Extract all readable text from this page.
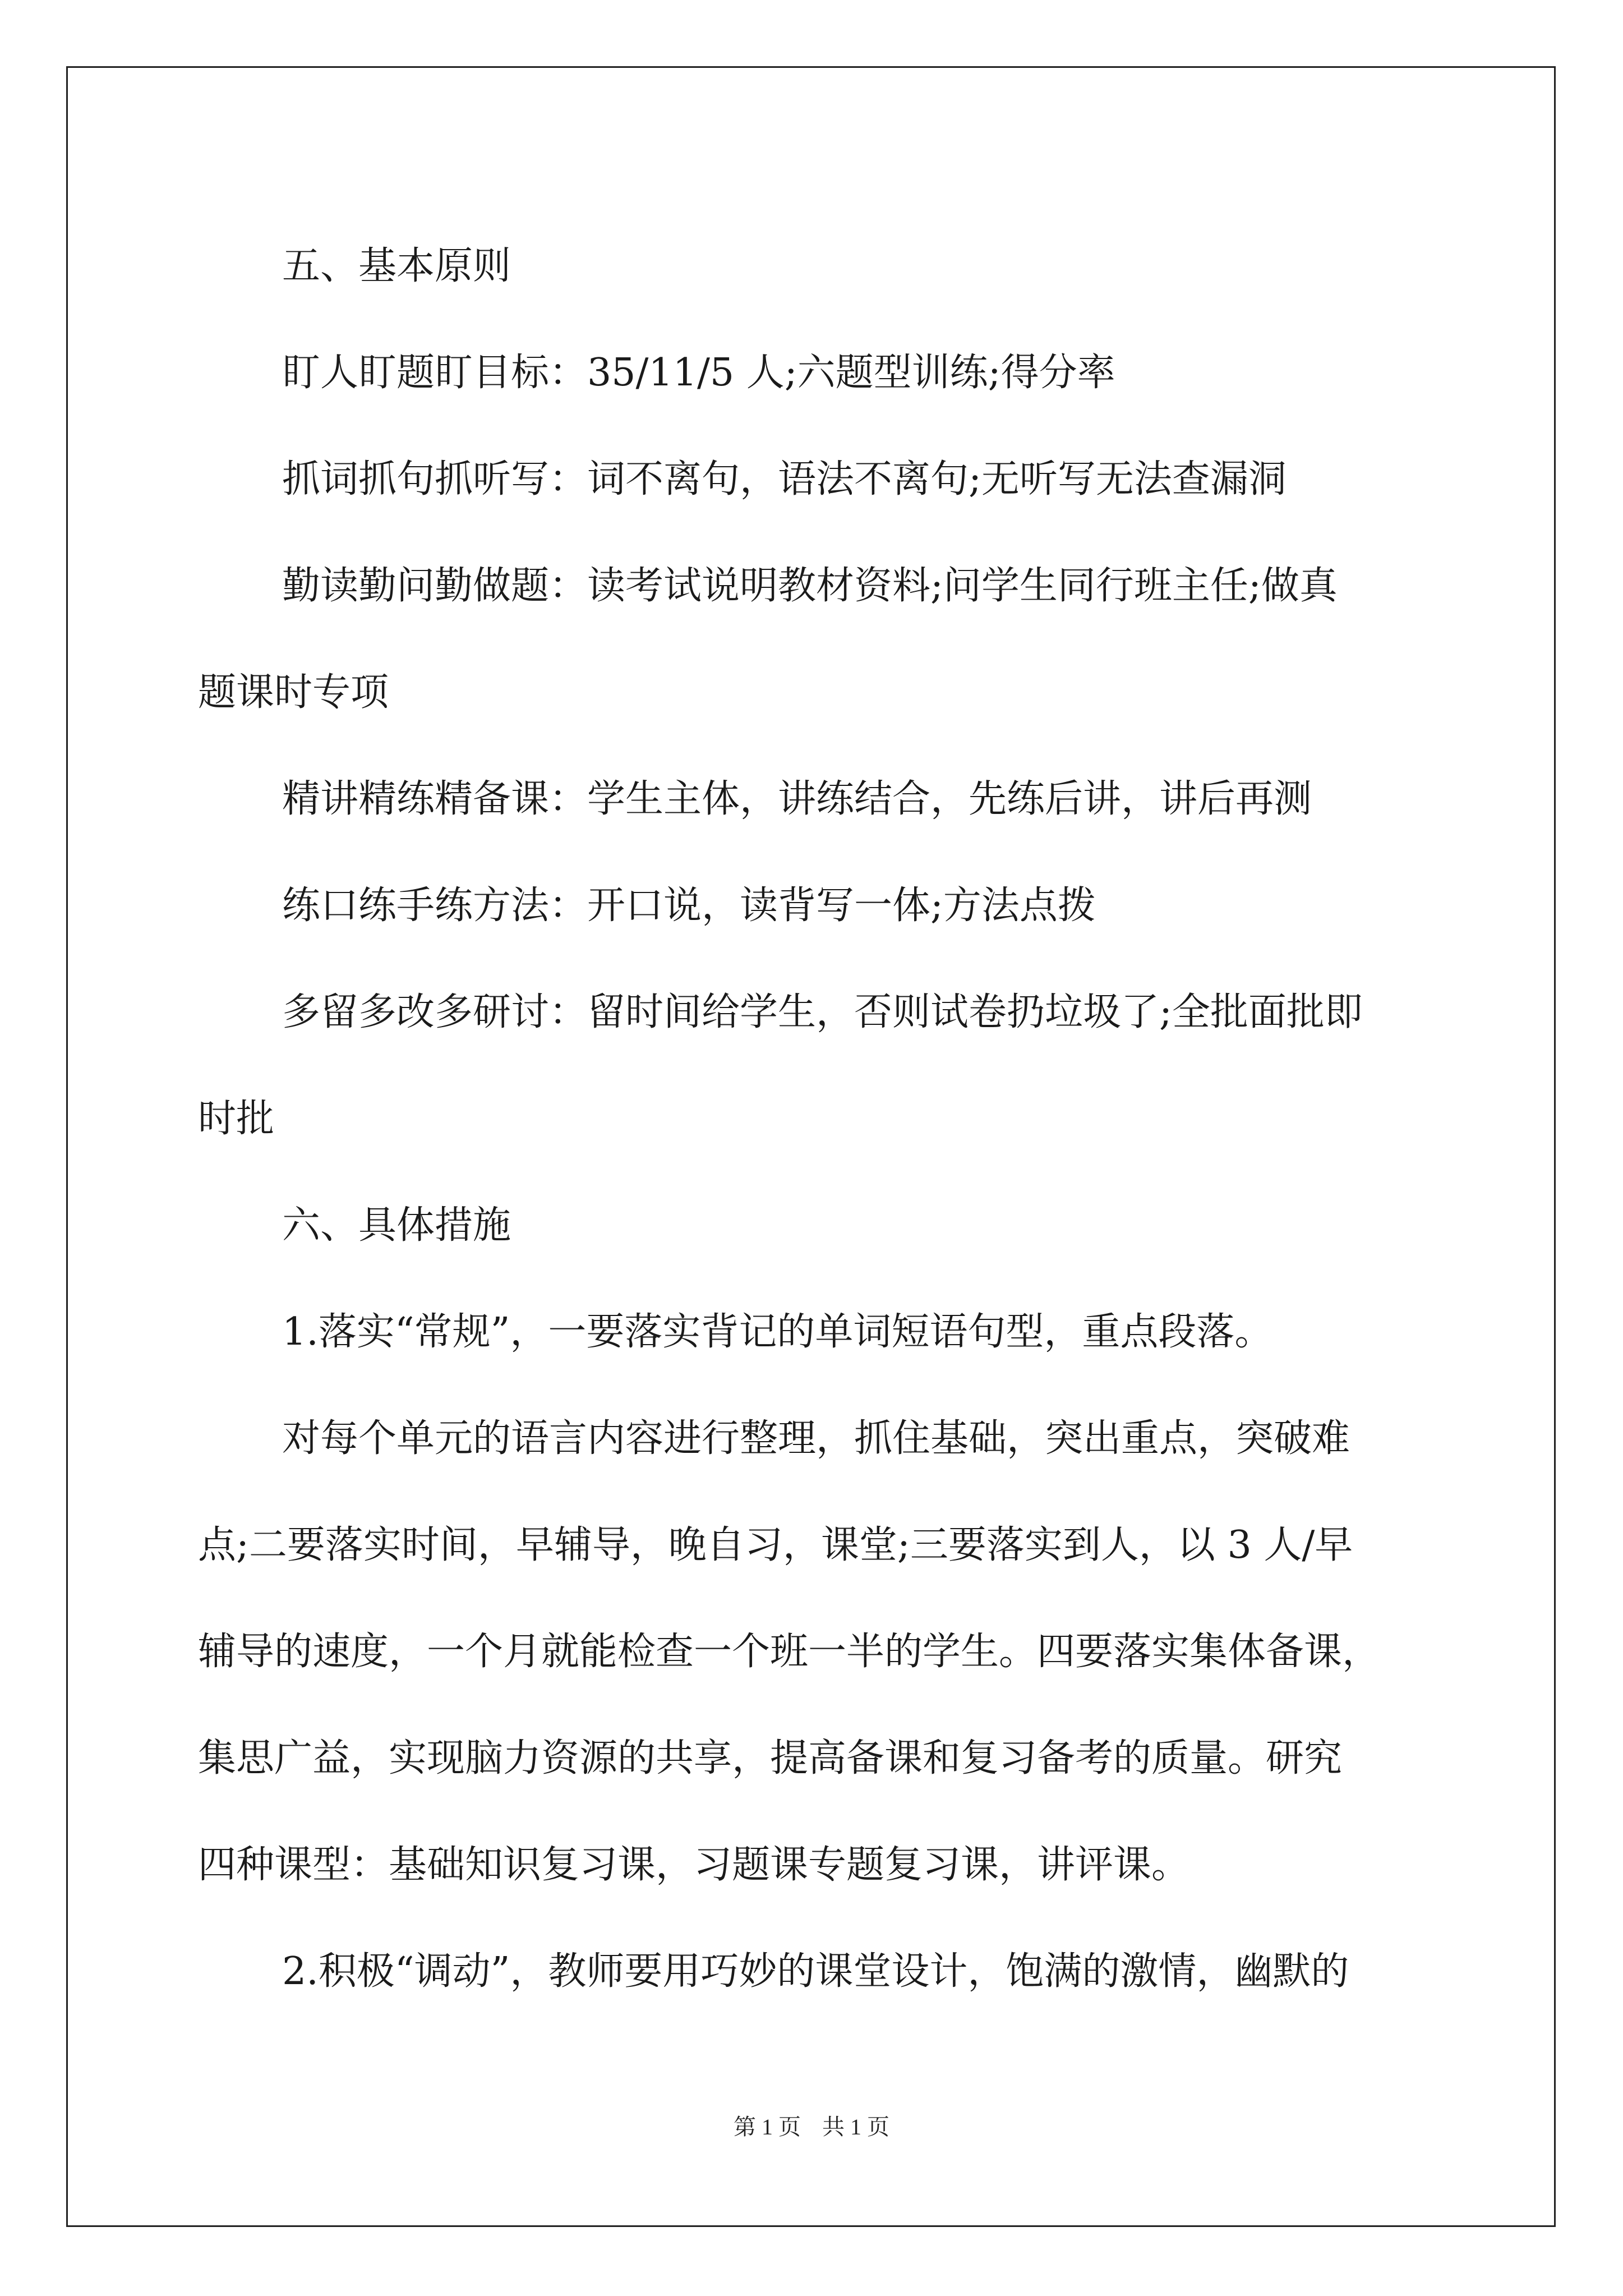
五、基本原则

盯人盯题盯目标：35/11/5 人;六题型训练;得分率

抓词抓句抓听写：词不离句，语法不离句;无听写无法查漏洞

勤读勤问勤做题：读考试说明教材资料;问学生同行班主任;做真

题课时专项

精讲精练精备课：学生主体，讲练结合，先练后讲，讲后再测

练口练手练方法：开口说，读背写一体;方法点拨

多留多改多研讨：留时间给学生，否则试卷扔垃圾了;全批面批即

时批

六、具体措施

1.落实“常规”，一要落实背记的单词短语句型，重点段落。

对每个单元的语言内容进行整理，抓住基础，突出重点，突破难

点;二要落实时间，早辅导，晚自习，课堂;三要落实到人，以 3 人/早

辅导的速度，一个月就能检查一个班一半的学生。四要落实集体备课，

集思广益，实现脑力资源的共享，提高备课和复习备考的质量。研究

四种课型：基础知识复习课，习题课专题复习课，讲评课。

2.积极“调动”，教师要用巧妙的课堂设计，饱满的激情，幽默的

第 1 页 共 1 页
